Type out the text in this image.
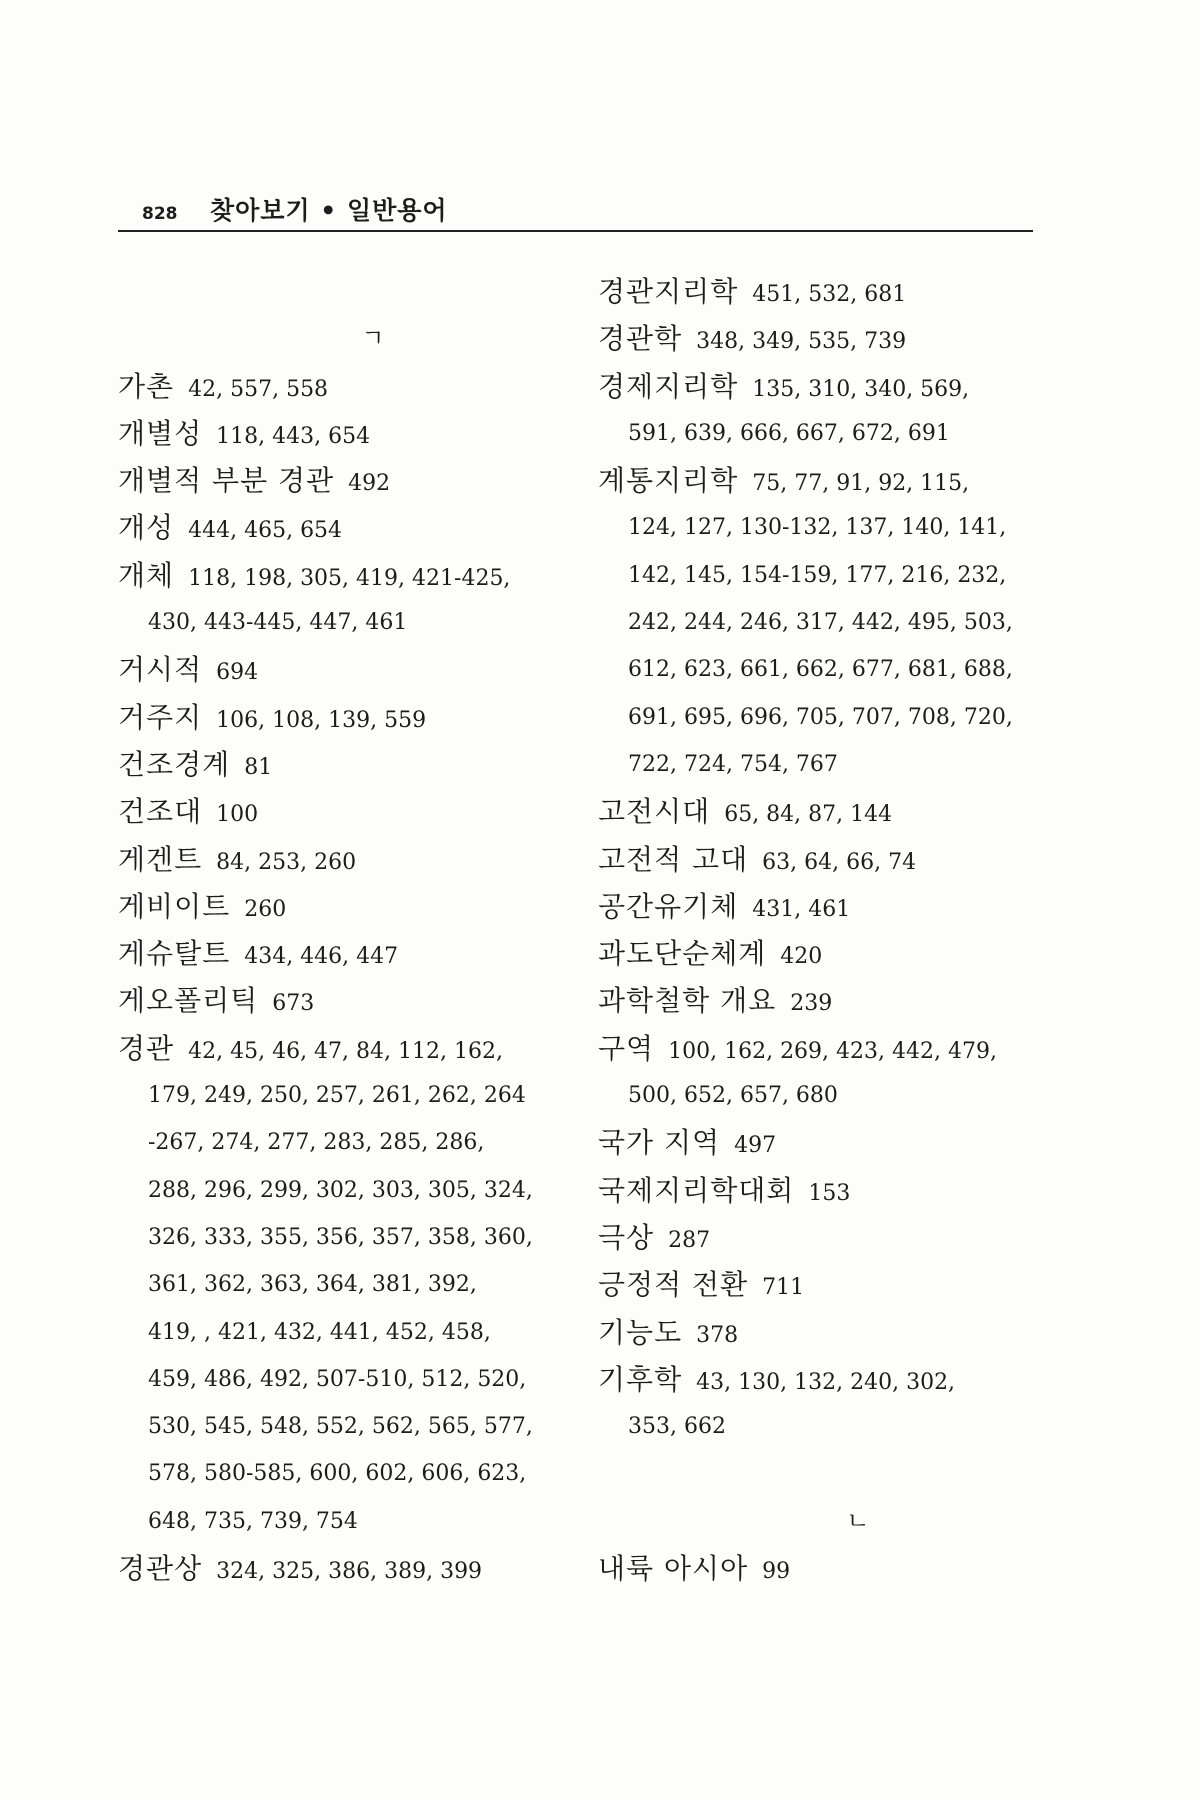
828 찾아보기 • 일반용어
ㄱ
가촌 42, 557, 558
개별성 118, 443, 654
개별적 부분 경관 492
개성 444, 465, 654
개체 118, 198, 305, 419, 421-425,
430, 443-445, 447, 461
거시적 694
거주지 106, 108, 139, 559
건조경계 81
건조대 100
게겐트 84, 253, 260
게비이트 260
게슈탈트 434, 446, 447
게오폴리틱 673
경관 42, 45, 46, 47, 84, 112, 162,
179, 249, 250, 257, 261, 262, 264
-267, 274, 277, 283, 285, 286,
288, 296, 299, 302, 303, 305, 324,
326, 333, 355, 356, 357, 358, 360,
361, 362, 363, 364, 381, 392,
419, , 421, 432, 441, 452, 458,
459, 486, 492, 507-510, 512, 520,
530, 545, 548, 552, 562, 565, 577,
578, 580-585, 600, 602, 606, 623,
648, 735, 739, 754
경관상 324, 325, 386, 389, 399
경관지리학 451, 532, 681
경관학 348, 349, 535, 739
경제지리학 135, 310, 340, 569,
591, 639, 666, 667, 672, 691
계통지리학 75, 77, 91, 92, 115,
124, 127, 130-132, 137, 140, 141,
142, 145, 154-159, 177, 216, 232,
242, 244, 246, 317, 442, 495, 503,
612, 623, 661, 662, 677, 681, 688,
691, 695, 696, 705, 707, 708, 720,
722, 724, 754, 767
고전시대 65, 84, 87, 144
고전적 고대 63, 64, 66, 74
공간유기체 431, 461
과도단순체계 420
과학철학 개요 239
구역 100, 162, 269, 423, 442, 479,
500, 652, 657, 680
국가 지역 497
국제지리학대회 153
극상 287
긍정적 전환 711
기능도 378
기후학 43, 130, 132, 240, 302,
353, 662
ㄴ
내륙 아시아 99
